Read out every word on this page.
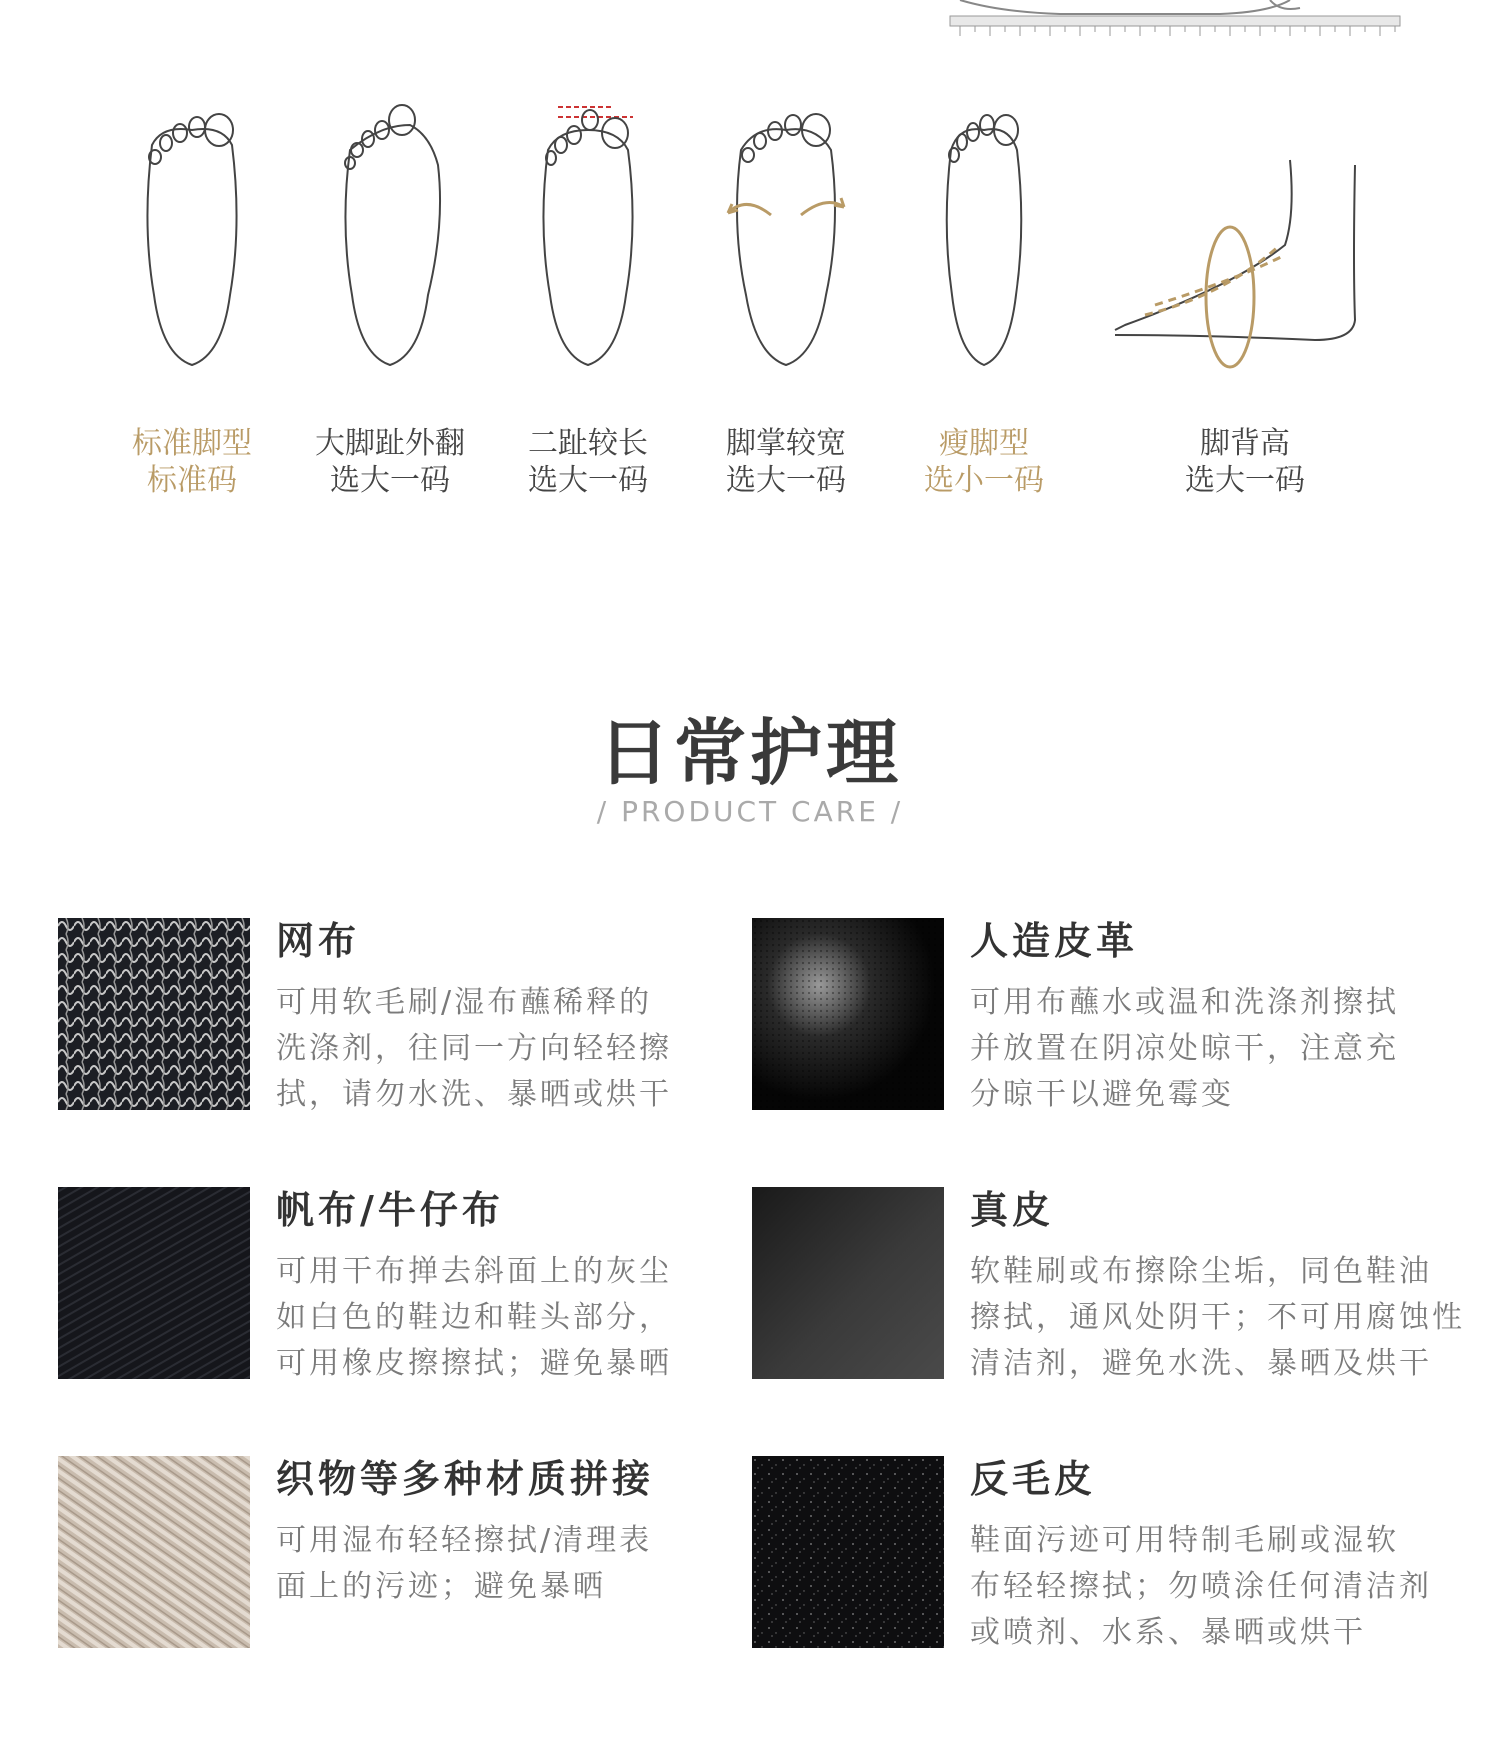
标准脚型
标准码
大脚趾外翻
选大一码
二趾较长
选大一码
脚掌较宽
选大一码
瘦脚型
选小一码
脚背高
选大一码
日常护理
/ PRODUCT CARE /
网布
可用软毛刷/湿布蘸稀释的
洗涤剂，往同一方向轻轻擦
拭，请勿水洗、暴晒或烘干
人造皮革
可用布蘸水或温和洗涤剂擦拭
并放置在阴凉处晾干，注意充
分晾干以避免霉变
帆布/牛仔布
可用干布掸去斜面上的灰尘
如白色的鞋边和鞋头部分，
可用橡皮擦擦拭；避免暴晒
真皮
软鞋刷或布擦除尘垢，同色鞋油
擦拭，通风处阴干；不可用腐蚀性
清洁剂，避免水洗、暴晒及烘干
织物等多种材质拼接
可用湿布轻轻擦拭/清理表
面上的污迹；避免暴晒
反毛皮
鞋面污迹可用特制毛刷或湿软
布轻轻擦拭；勿喷涂任何清洁剂
或喷剂、水系、暴晒或烘干
